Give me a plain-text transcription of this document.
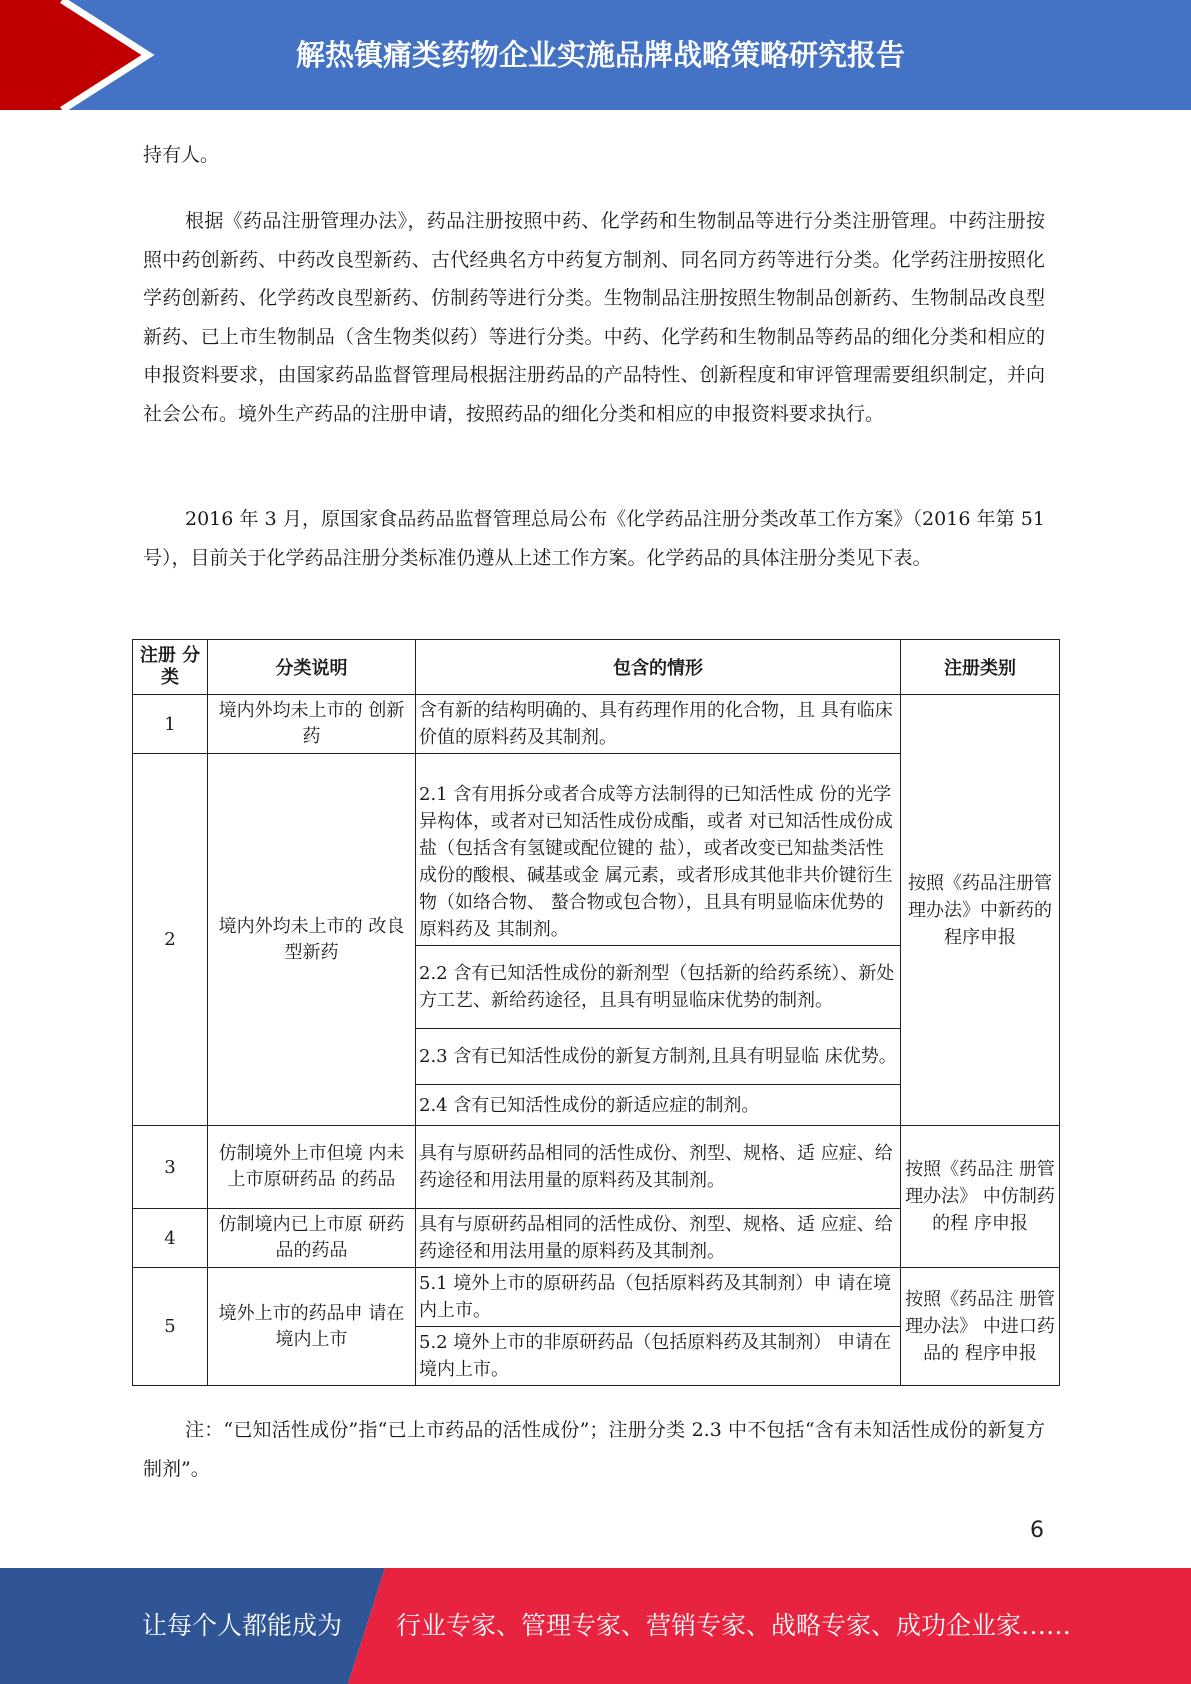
解热镇痛类药物企业实施品牌战略策略研究报告

持有人。

根据《药品注册管理办法》，药品注册按照中药、化学药和生物制品等进行分类注册管理。中药注册按照中药创新药、中药改良型新药、古代经典名方中药复方制剂、同名同方药等进行分类。化学药注册按照化学药创新药、化学药改良型新药、仿制药等进行分类。生物制品注册按照生物制品创新药、生物制品改良型新药、已上市生物制品（含生物类似药）等进行分类。中药、化学药和生物制品等药品的细化分类和相应的申报资料要求，由国家药品监督管理局根据注册药品的产品特性、创新程度和审评管理需要组织制定，并向社会公布。境外生产药品的注册申请，按照药品的细化分类和相应的申报资料要求执行。

2016 年 3 月，原国家食品药品监督管理总局公布《化学药品注册分类改革工作方案》（2016 年第 51 号），目前关于化学药品注册分类标准仍遵从上述工作方案。化学药品的具体注册分类见下表。

注册 分类	分类说明	包含的情形	注册类别
1	境内外均未上市的 创新药	含有新的结构明确的、具有药理作用的化合物，且 具有临床价值的原料药及其制剂。	按照《药品注册管理办法》中新药的程序申报
2	境内外均未上市的 改良型新药	2.1 含有用拆分或者合成等方法制得的已知活性成 份的光学异构体，或者对已知活性成份成酯，或者 对已知活性成份成盐（包括含有氢键或配位键的 盐），或者改变已知盐类活性成份的酸根、碱基或金 属元素，或者形成其他非共价键衍生物（如络合物、 螯合物或包合物），且具有明显临床优势的原料药及 其制剂。	
		2.2 含有已知活性成份的新剂型（包括新的给药系统）、新处方工艺、新给药途径，且具有明显临床优势的制剂。	
		2.3 含有已知活性成份的新复方制剂,且具有明显临 床优势。	
		2.4 含有已知活性成份的新适应症的制剂。	
3	仿制境外上市但境 内未上市原研药品 的药品	具有与原研药品相同的活性成份、剂型、规格、适 应症、给药途径和用法用量的原料药及其制剂。	按照《药品注 册管理办法》 中仿制药的程 序申报
4	仿制境内已上市原 研药品的药品	具有与原研药品相同的活性成份、剂型、规格、适 应症、给药途径和用法用量的原料药及其制剂。	
5	境外上市的药品申 请在境内上市	5.1 境外上市的原研药品（包括原料药及其制剂）申 请在境内上市。	按照《药品注 册管理办法》 中进口药品的 程序申报
		5.2 境外上市的非原研药品（包括原料药及其制剂） 申请在境内上市。	

注：“已知活性成份”指“已上市药品的活性成份”；注册分类 2.3 中不包括“含有未知活性成份的新复方制剂”。

6
让每个人都能成为 行业专家、管理专家、营销专家、战略专家、成功企业家……
